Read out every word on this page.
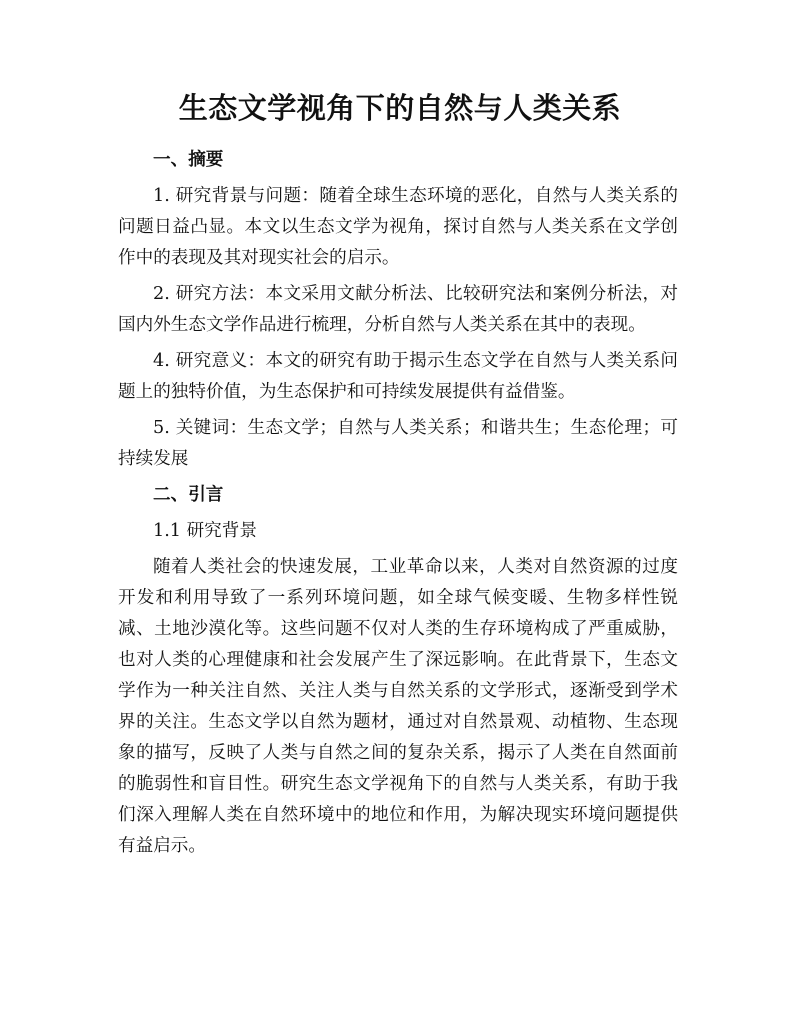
生态文学视角下的自然与人类关系
一、摘要
1. 研究背景与问题：随着全球生态环境的恶化，自然与人类关系的问题日益凸显。本文以生态文学为视角，探讨自然与人类关系在文学创作中的表现及其对现实社会的启示。
2. 研究方法：本文采用文献分析法、比较研究法和案例分析法，对国内外生态文学作品进行梳理，分析自然与人类关系在其中的表现。
4. 研究意义：本文的研究有助于揭示生态文学在自然与人类关系问题上的独特价值，为生态保护和可持续发展提供有益借鉴。
5. 关键词：生态文学；自然与人类关系；和谐共生；生态伦理；可持续发展
二、引言
1.1 研究背景
随着人类社会的快速发展，工业革命以来，人类对自然资源的过度开发和利用导致了一系列环境问题，如全球气候变暖、生物多样性锐减、土地沙漠化等。这些问题不仅对人类的生存环境构成了严重威胁，也对人类的心理健康和社会发展产生了深远影响。在此背景下，生态文学作为一种关注自然、关注人类与自然关系的文学形式，逐渐受到学术界的关注。生态文学以自然为题材，通过对自然景观、动植物、生态现象的描写，反映了人类与自然之间的复杂关系，揭示了人类在自然面前的脆弱性和盲目性。研究生态文学视角下的自然与人类关系，有助于我们深入理解人类在自然环境中的地位和作用，为解决现实环境问题提供有益启示。
